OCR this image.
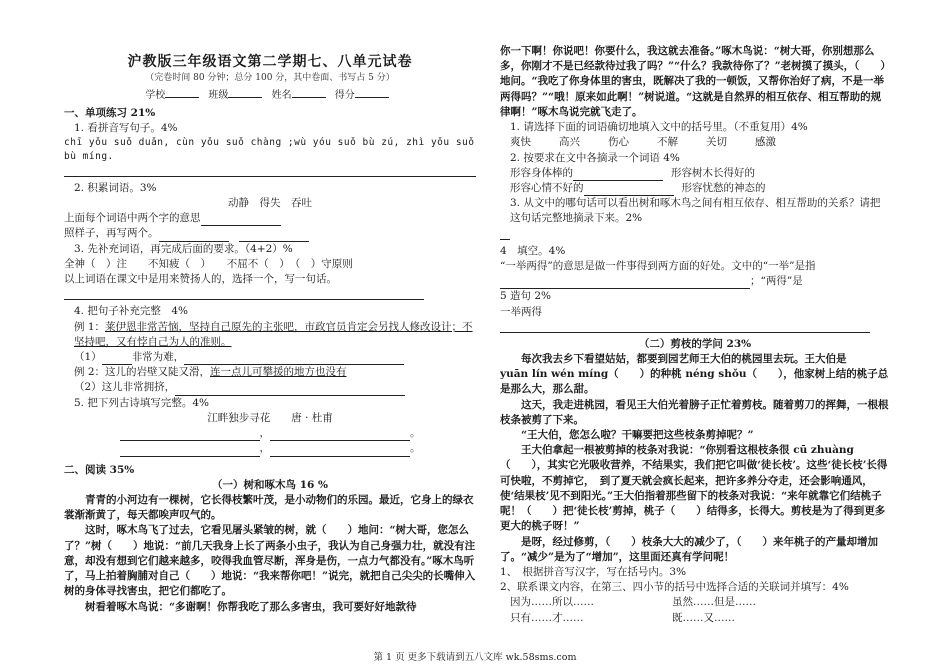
沪教版三年级语文第二学期七、八单元试卷

（完卷时间 80 分钟；总分 100 分，其中卷面、书写占 5 分）

学校	班级	姓名	得分
一、单项练习 21%
1. 看拼音写句子。4%
chī yǒu suǒ duǎn, cùn yǒu suǒ chàng ;wù yóu suǒ bù zú, zhì yǒu suǒ bù míng.
2. 积累词语。3%
动静　得失　吞吐
上面每个词语中两个字的意思
照样子，再写两个。
3. 先补充词语，再完成后面的要求。（4+2）%
全神（　）注　　不知疲（　）　　不屈不（　）　（　）守原则
以上词语在课文中是用来赞扬人的，选择一个，写一句话。
4. 把句子补充完整　4%
例 1：莱伊恩非常苦恼，坚持自己原先的主张吧，市政官员肯定会另找人修改设计；不坚持吧，又有悖自己为人的准则。
（1）	非常为难，
例 2：这儿的岩壁又陡又滑，连一点儿可攀援的地方也没有
（2）这儿非常拥挤，
5. 把下列古诗填写完整。4%
江畔独步寻花　　唐 · 杜甫
，	。
，	。
二、阅读 35%
（一）树和啄木鸟 16 %
青青的小河边有一棵树，它长得枝繁叶茂，是小动物们的乐园。最近，它身上的绿衣裳渐渐黄了，每天都唉声叹气的。
这时，啄木鸟飞了过去，它看见屠头紧皱的树，就（　　）地问：“树大哥，您怎么了？”树（　　）地说：“前几天我身上长了两条小虫子，我认为自己身强力壮，就没有注意，却没有想到它们越来越多，咬得我血管尽断，浑身是伤，一点力气都没有。”啄木鸟听了，马上拍着胸脯对自己（　　）地说：“我来帮你吧！”说完，就把自己尖尖的长嘴伸入树的身体寻找害虫，把它们都吃了。
树看着啄木鸟说：“多谢啊！你帮我吃了那么多害虫，我可要好好地款待
你一下啊！你说吧！你要什么，我这就去准备。”啄木鸟说：“树大哥，你别想那么多，你刚才不是已经款待过我了吗？”“什么？我款待你了？”老树摸了摸头，（　　）地问。“我吃了你身体里的害虫，既解决了我的一顿饭，又帮你治好了病，不是一举两得吗？”“哦！原来如此啊！”树说道。“这就是自然界的相互依存、相互帮助的规律啊！”啄木鸟说完就飞走了。
1. 请选择下面的词语确切地填入文中的括号里。（不重复用）4%
爽快	高兴	伤心	不解	关切	感激
2. 按要求在文中各摘录一个词语 4%
形容身体棒的	形容树木长得好的
形容心情不好的	形容忧愁的神态的
3. 从文中的哪句话可以看出树和啄木鸟之间有相互依存、相互帮助的关系？请把这句话完整地摘录下来。2%
4　填空。4%
“一举两得”的意思是做一件事得到两方面的好处。文中的“一举”是指
；“两得”是
5 造句 2%
一举两得
（二）剪枝的学问 23%
每次我去乡下看望姑姑，都要到园艺师王大伯的桃园里去玩。王大伯是
yuān lín wén míng（　　）的种桃 néng shǒu（　　），他家树上结的桃子总是那么大，那么甜。
这天，我走进桃园，看见王大伯光着膀子正忙着剪枝。随着剪刀的挥舞，一根根枝条被剪了下来。
“王大伯，您怎么啦？干嘛要把这些枝条剪掉呢？”
王大伯拿起一根被剪掉的枝条对我说：“你别看这根枝条很 cū zhuàng（　　），其实它光吸收营养，不结果实，我们把它叫做‘徒长枝’。这些‘徒长枝’长得可快啦，不剪掉它，　到了夏天就会疯长起来，把许多养分夺走，还会影响通风，使‘结果枝’见不到阳光。”王大伯指着那些留下的枝条对我说：“来年就靠它们结桃子呢！（　　）把‘徒长枝’剪掉，桃子（　　）结得多，长得大。剪枝是为了得到更多更大的桃子呀！”
是呀，经过修剪，（　　）枝条大大的减少了，（　　）来年桃子的产量却增加了。“减少”是为了“增加”，这里面还真有学问呢！
1、　根据拼音写汉字，写在括号内。3%
2、联系课文内容，在第三、四小节的括号中选择合适的关联词并填写：4%
因为……所以……	虽然……但是……
只有……才……	既……又……
第 1 页 更多下载请到五八文库 wk.58sms.com
